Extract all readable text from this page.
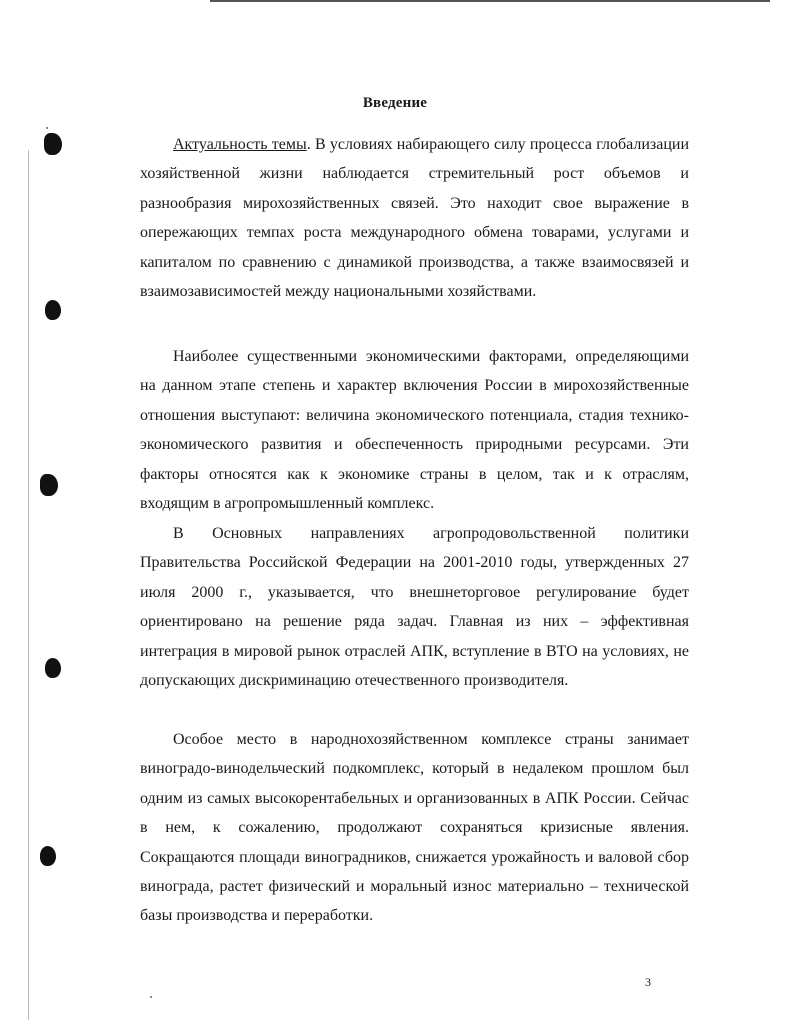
Введение

Актуальность темы. В условиях набирающего силу процесса глобализации хозяйственной жизни наблюдается стремительный рост объемов и разнообразия мирохозяйственных связей. Это находит свое выражение в опережающих темпах роста международного обмена товарами, услугами и капиталом по сравнению с динамикой производства, а также взаимосвязей и взаимозависимостей между национальными хозяйствами.

Наиболее существенными экономическими факторами, определяющими на данном этапе степень и характер включения России в мирохозяйственные отношения выступают: величина экономического потенциала, стадия технико-экономического развития и обеспеченность природными ресурсами. Эти факторы относятся как к экономике страны в целом, так и к отраслям, входящим в агропромышленный комплекс.

В Основных направлениях агропродовольственной политики Правительства Российской Федерации на 2001-2010 годы, утвержденных 27 июля 2000 г., указывается, что внешнеторговое регулирование будет ориентировано на решение ряда задач. Главная из них – эффективная интеграция в мировой рынок отраслей АПК, вступление в ВТО на условиях, не допускающих дискриминацию отечественного производителя.

Особое место в народнохозяйственном комплексе страны занимает виноградо-винодельческий подкомплекс, который в недалеком прошлом был одним из самых высокорентабельных и организованных в АПК России. Сейчас в нем, к сожалению, продолжают сохраняться кризисные явления. Сокращаются площади виноградников, снижается урожайность и валовой сбор винограда, растет физический и моральный износ материально – технической базы производства и переработки.

3
